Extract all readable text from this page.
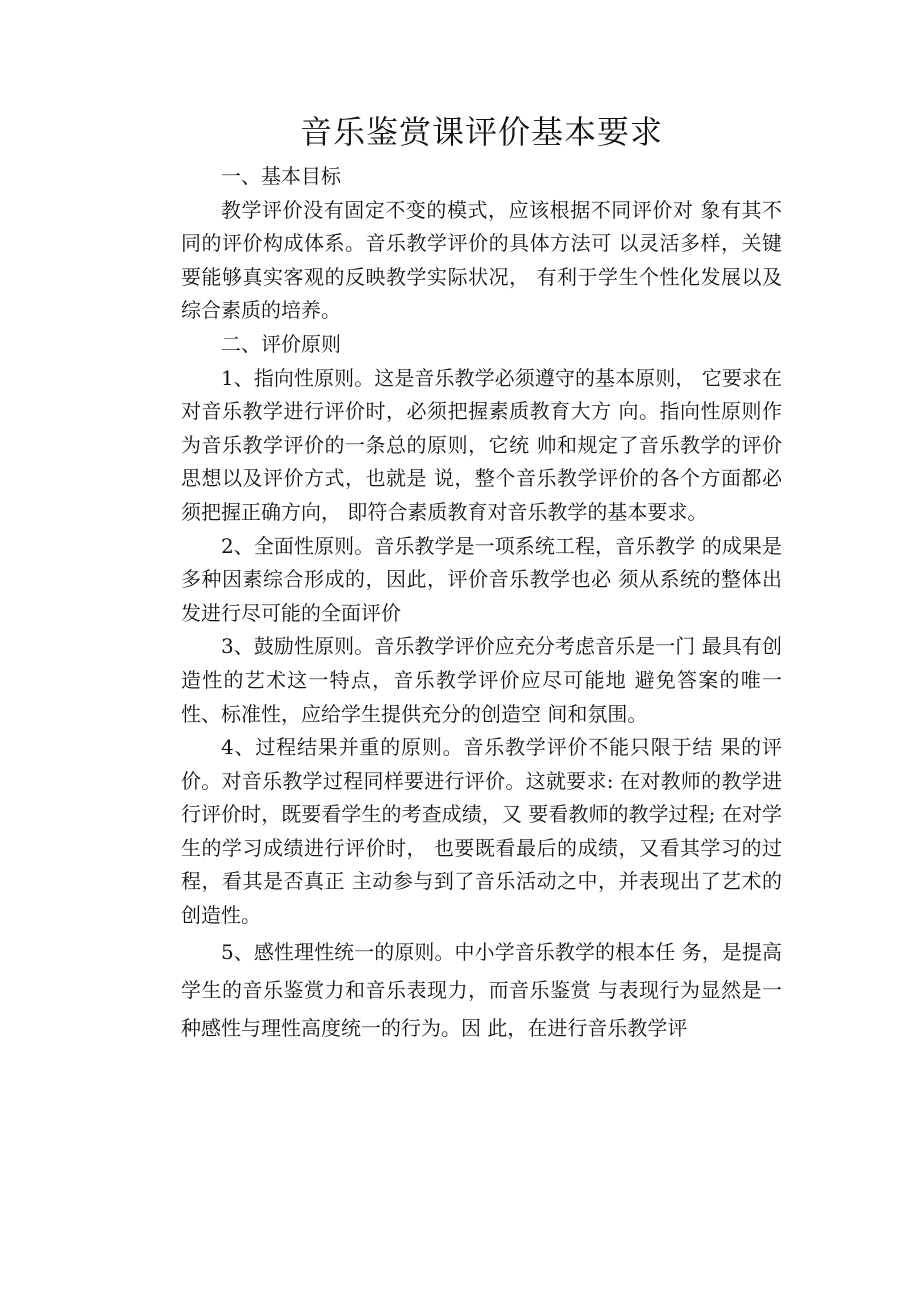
音乐鉴赏课评价基本要求

一、基本目标

教学评价没有固定不变的模式，应该根据不同评价对 象有其不同的评价构成体系。音乐教学评价的具体方法可 以灵活多样，关键要能够真实客观的反映教学实际状况， 有利于学生个性化发展以及综合素质的培养。

二、评价原则

1、指向性原则。这是音乐教学必须遵守的基本原则， 它要求在对音乐教学进行评价时，必须把握素质教育大方 向。指向性原则作为音乐教学评价的一条总的原则，它统 帅和规定了音乐教学的评价思想以及评价方式，也就是 说，整个音乐教学评价的各个方面都必须把握正确方向， 即符合素质教育对音乐教学的基本要求。

2、全面性原则。音乐教学是一项系统工程，音乐教学 的成果是多种因素综合形成的，因此，评价音乐教学也必 须从系统的整体出发进行尽可能的全面评价

3、鼓励性原则。音乐教学评价应充分考虑音乐是一门 最具有创造性的艺术这一特点，音乐教学评价应尽可能地 避免答案的唯一性、标准性，应给学生提供充分的创造空 间和氛围。

4、过程结果并重的原则。音乐教学评价不能只限于结 果的评价。对音乐教学过程同样要进行评价。这就要求: 在对教师的教学进行评价时，既要看学生的考查成绩，又 要看教师的教学过程; 在对学生的学习成绩进行评价时， 也要既看最后的成绩，又看其学习的过程，看其是否真正 主动参与到了音乐活动之中，并表现出了艺术的创造性。

5、感性理性统一的原则。中小学音乐教学的根本任 务，是提高学生的音乐鉴赏力和音乐表现力，而音乐鉴赏 与表现行为显然是一种感性与理性高度统一的行为。因 此，在进行音乐教学评
